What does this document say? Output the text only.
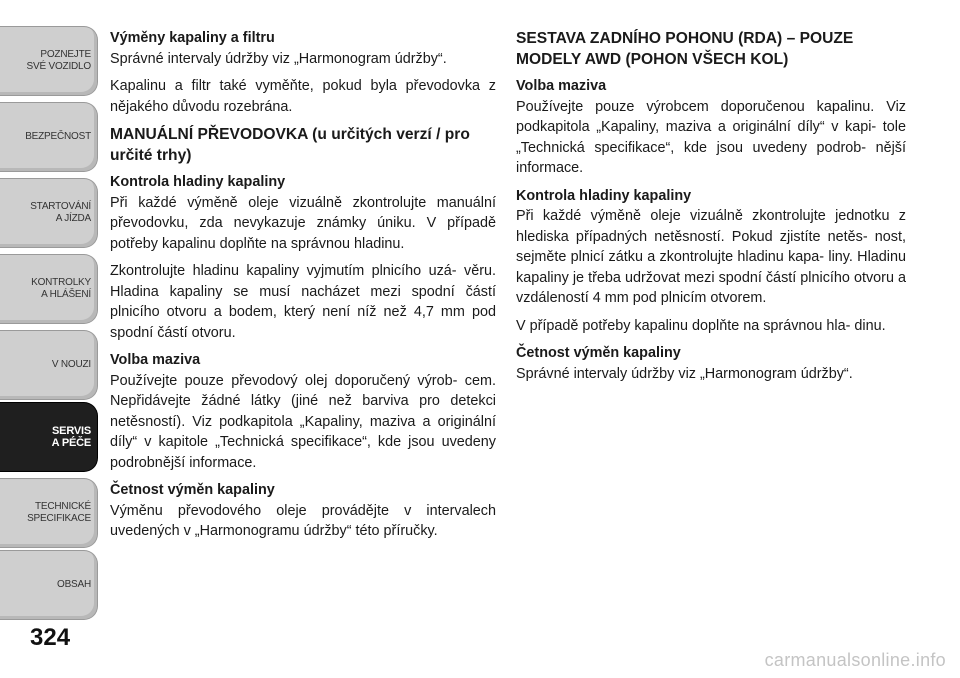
POZNEJTE
SVÉ VOZIDLO
BEZPEČNOST
STARTOVÁNÍ
A JÍZDA
KONTROLKY
A HLÁŠENÍ
V NOUZI
SERVIS
A PÉČE
TECHNICKÉ
SPECIFIKACE
OBSAH
324
Výměny kapaliny a filtru

Správné intervaly údržby viz „Harmonogram údržby“.

Kapalinu a filtr také vyměňte, pokud byla převodovka z nějakého důvodu rozebrána.

MANUÁLNÍ PŘEVODOVKA (u určitých verzí / pro určité trhy)
Kontrola hladiny kapaliny

Při každé výměně oleje vizuálně zkontrolujte manuální převodovku, zda nevykazuje známky úniku. V případě potřeby kapalinu doplňte na správnou hladinu.

Zkontrolujte hladinu kapaliny vyjmutím plnicího uzá- věru. Hladina kapaliny se musí nacházet mezi spodní částí plnicího otvoru a bodem, který není níž než 4,7 mm pod spodní částí otvoru.

Volba maziva

Používejte pouze převodový olej doporučený výrob- cem. Nepřidávejte žádné látky (jiné než barviva pro detekci netěsností). Viz podkapitola „Kapaliny, maziva a originální díly“ v kapitole „Technická specifikace“, kde jsou uvedeny podrobnější informace.

Četnost výměn kapaliny

Výměnu převodového oleje provádějte v intervalech uvedených v „Harmonogramu údržby“ této příručky.

SESTAVA ZADNÍHO POHONU (RDA) – POUZE MODELY AWD (POHON VŠECH KOL)
Volba maziva

Používejte pouze výrobcem doporučenou kapalinu. Viz podkapitola „Kapaliny, maziva a originální díly“ v kapi- tole „Technická specifikace“, kde jsou uvedeny podrob- nější informace.

Kontrola hladiny kapaliny

Při každé výměně oleje vizuálně zkontrolujte jednotku z hlediska případných netěsností. Pokud zjistíte netěs- nost, sejměte plnicí zátku a zkontrolujte hladinu kapa- liny. Hladinu kapaliny je třeba udržovat mezi spodní částí plnicího otvoru a vzdáleností 4 mm pod plnicím otvorem.

V případě potřeby kapalinu doplňte na správnou hla- dinu.

Četnost výměn kapaliny

Správné intervaly údržby viz „Harmonogram údržby“.

carmanualsonline.info
